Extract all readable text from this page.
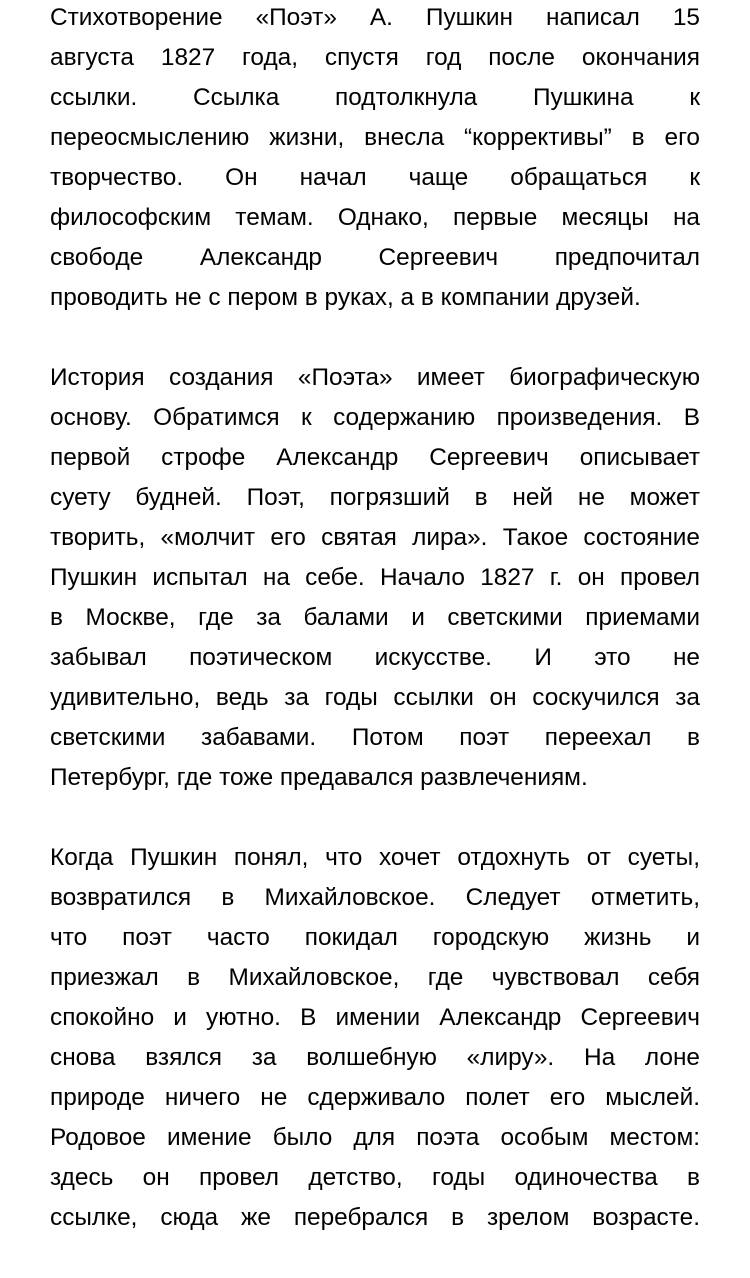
Стихотворение «Поэт» А. Пушкин написал 15
августа 1827 года, спустя год после окончания
ссылки. Ссылка подтолкнула Пушкина к
переосмыслению жизни, внесла “коррективы” в его
творчество. Он начал чаще обращаться к
философским темам. Однако, первые месяцы на
свободе Александр Сергеевич предпочитал
проводить не с пером в руках, а в компании друзей.

История создания «Поэта» имеет биографическую
основу. Обратимся к содержанию произведения. В
первой строфе Александр Сергеевич описывает
суету будней. Поэт, погрязший в ней не может
творить, «молчит его святая лира». Такое состояние
Пушкин испытал на себе. Начало 1827 г. он провел
в Москве, где за балами и светскими приемами
забывал поэтическом искусстве. И это не
удивительно, ведь за годы ссылки он соскучился за
светскими забавами. Потом поэт переехал в
Петербург, где тоже предавался развлечениям.

Когда Пушкин понял, что хочет отдохнуть от суеты,
возвратился в Михайловское. Следует отметить,
что поэт часто покидал городскую жизнь и
приезжал в Михайловское, где чувствовал себя
спокойно и уютно. В имении Александр Сергеевич
снова взялся за волшебную «лиру». На лоне
природе ничего не сдерживало полет его мыслей.
Родовое имение было для поэта особым местом:
здесь он провел детство, годы одиночества в
ссылке, сюда же перебрался в зрелом возрасте.
